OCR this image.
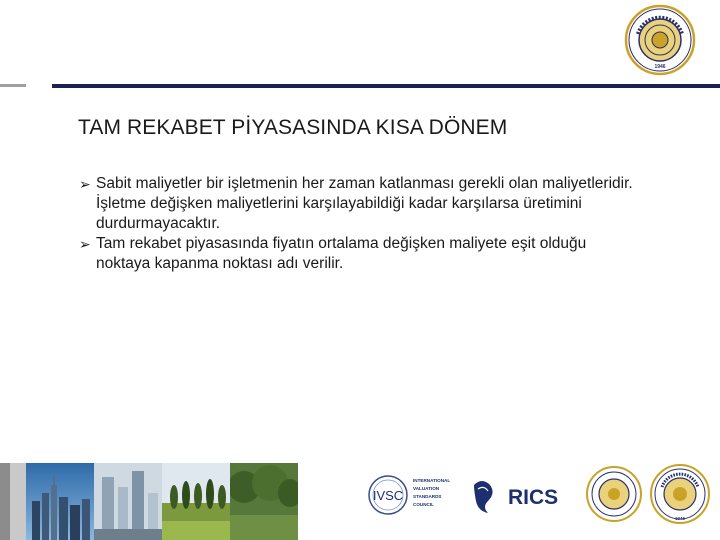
1946
TAM REKABET PİYASASINDA KISA DÖNEM
➢ Sabit maliyetler bir işletmenin her zaman katlanması gerekli olan maliyetleridir. İşletme değişken maliyetlerini karşılayabildiği kadar karşılarsa üretimini durdurmayacaktır.
➢ Tam rekabet piyasasında fiyatın ortalama değişken maliyete eşit olduğu noktaya kapanma noktası adı verilir.
IVSC
INTERNATIONAL
VALUATION
STANDARDS
COUNCIL	RICS
1946
